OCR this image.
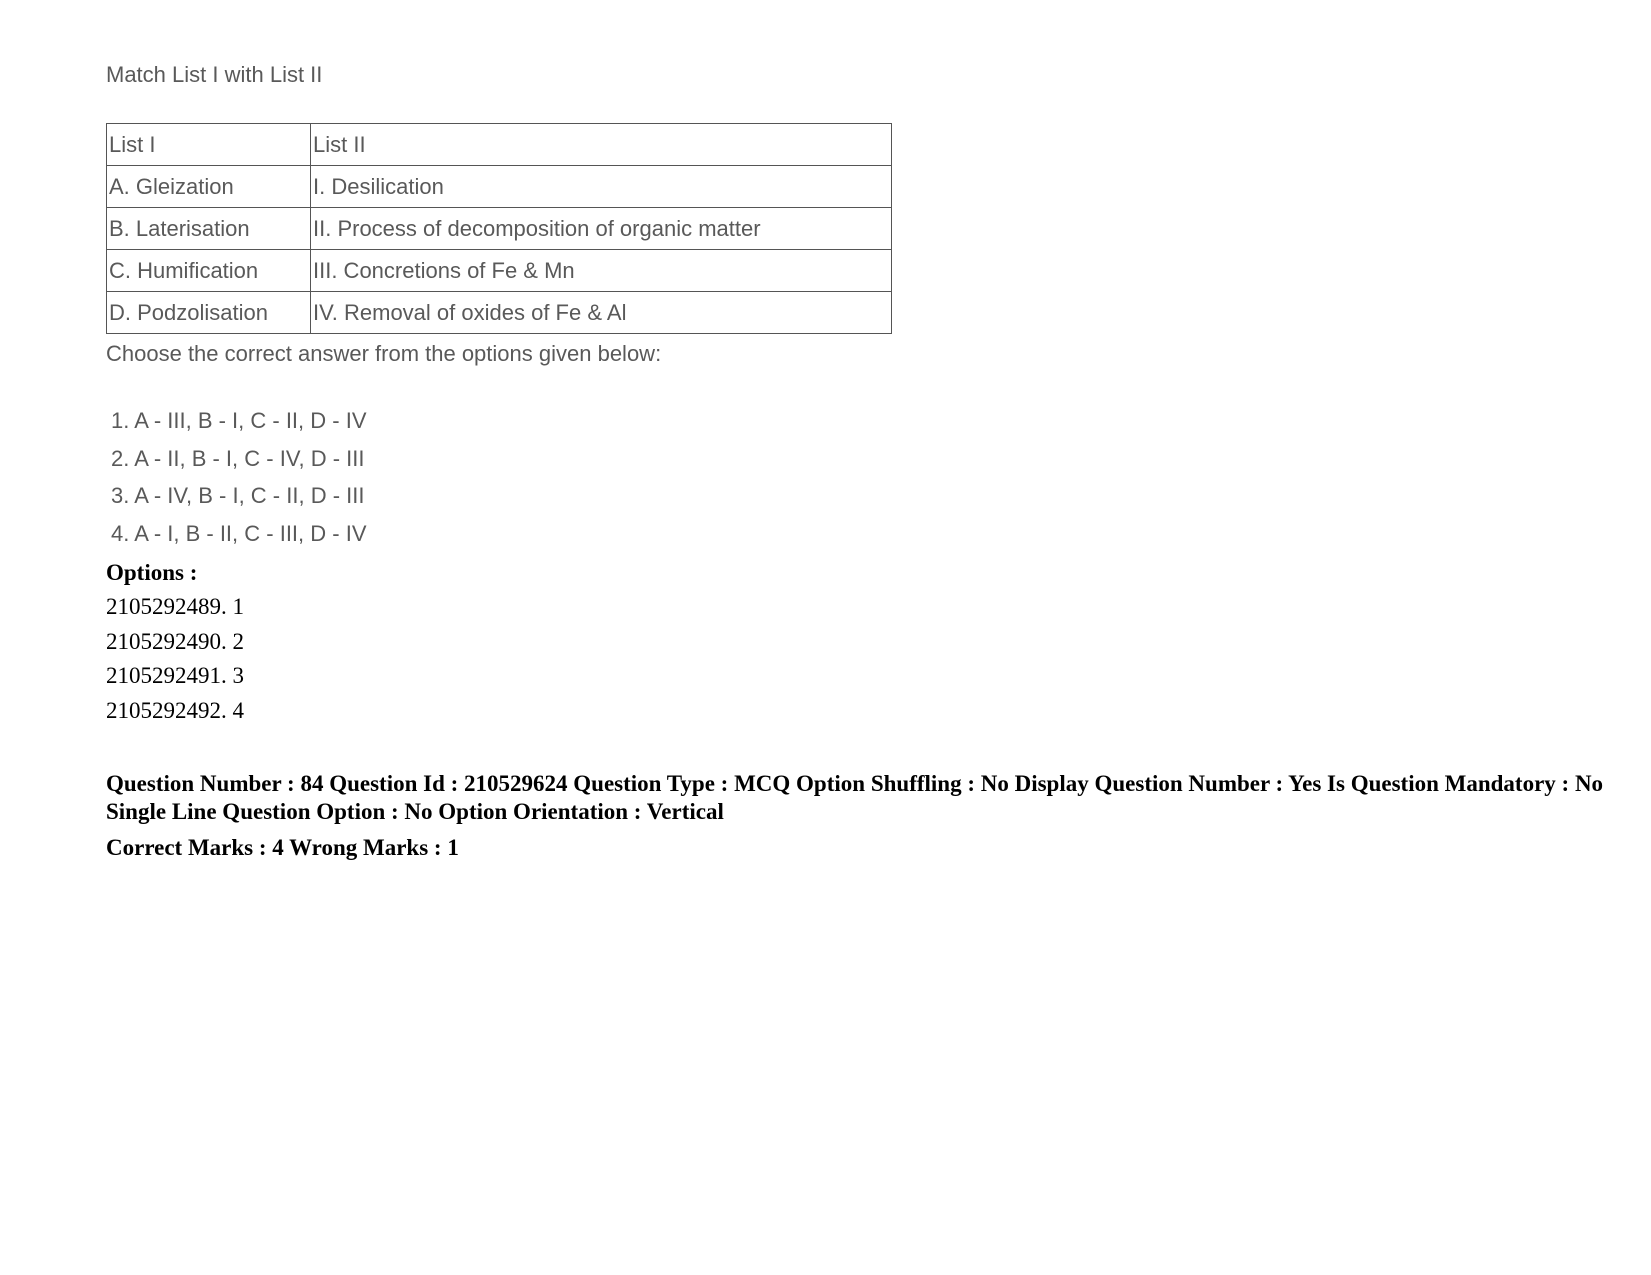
Match List I with List II

List I	List II
A. Gleization	I. Desilication
B. Laterisation	II. Process of decomposition of organic matter
C. Humification	III. Concretions of Fe & Mn
D. Podzolisation	IV. Removal of oxides of Fe & Al

Choose the correct answer from the options given below:

1. A - III, B - I, C - II, D - IV
2. A - II, B - I, C - IV, D - III
3. A - IV, B - I, C - II, D - III
4. A - I, B - II, C - III, D - IV
Options :
2105292489. 1
2105292490. 2
2105292491. 3
2105292492. 4
Question Number : 84 Question Id : 210529624 Question Type : MCQ Option Shuffling : No Display Question Number : Yes Is Question Mandatory : No Single Line Question Option : No Option Orientation : Vertical
Correct Marks : 4 Wrong Marks : 1
